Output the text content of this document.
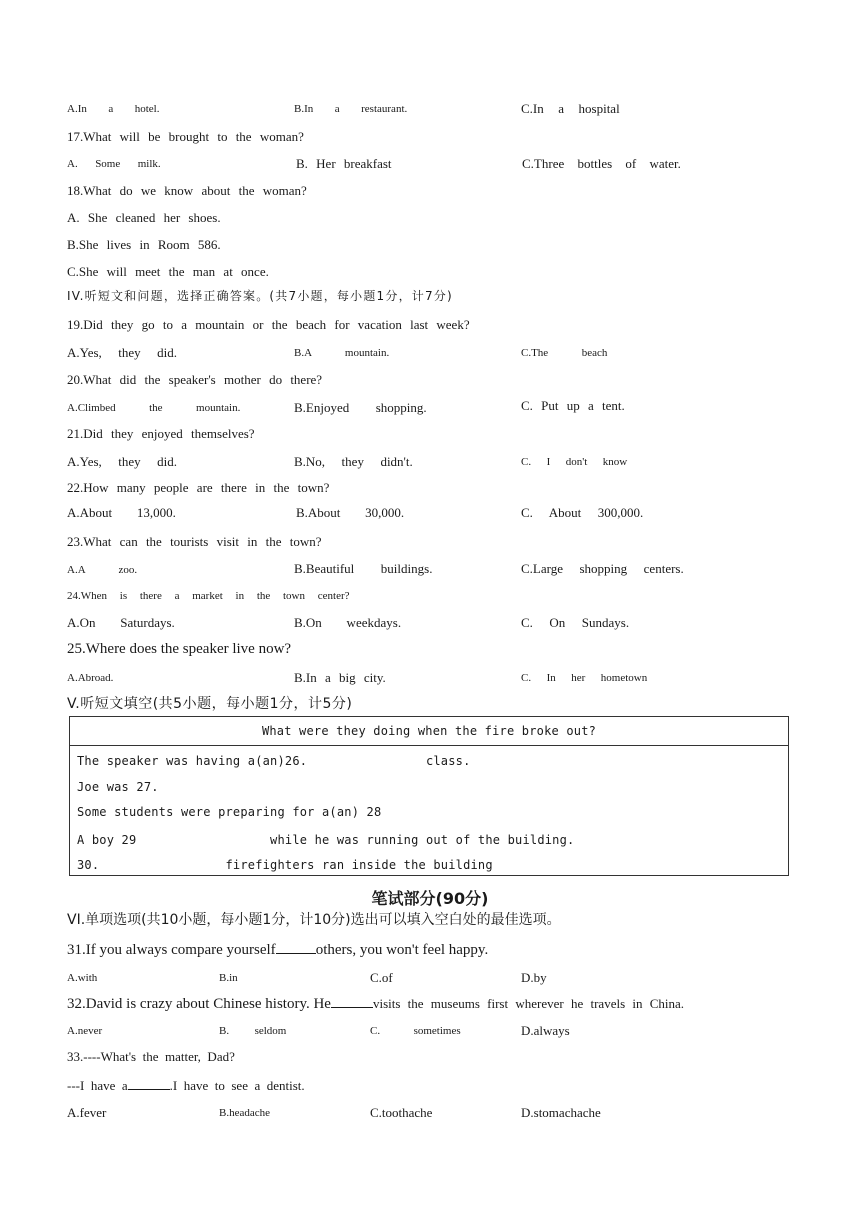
A.In  a  hotel.	B.In  a  restaurant.	C.In  a  hospital
17.What will be brought to the woman?
A.  Some  milk.	B. Her breakfast	C.Three bottles of water.
18.What do we know about the woman?
A. She cleaned her shoes.
B.She lives in Room 586.
C.She will meet the man at once.
IV.听短文和问题，选择正确答案。(共7小题，每小题1分，计7分)
19.Did they go to a mountain or the beach for vacation last week?
A.Yes,  they  did.	B.A  mountain.	C.The  beach
20.What did the speaker's mother do there?
A.Climbed  the  mountain.	B.Enjoyed  shopping.	C. Put up a tent.
21.Did they enjoyed themselves?
A.Yes,  they  did.	B.No,  they  didn't.	C.  I  don't  know
22.How many people are there in the town?
A.About   13,000.	B.About   30,000.	C.  About  300,000.
23.What can the tourists visit in the town?
A.A  zoo.	B.Beautiful  buildings.	C.Large  shopping  centers.
24.When is there a market in the town center?
A.On   Saturdays.	B.On   weekdays.	C.  On  Sundays.
25.Where does the speaker live now?
A.Abroad.	B.In a big city.	C.  In  her  hometown
V.听短文填空(共5小题，每小题1分，计5分)
What were they doing when the fire broke out?
The speaker was having a(an)26.                class.
Joe was 27.
Some students were preparing for a(an) 28
A boy 29                  while he was running out of the building.
30.                 firefighters ran inside the building
笔试部分(90分)
VI.单项选项(共10小题，每小题1分，计10分)选出可以填入空白处的最佳选项。
31.If you always compare yourself	others, you won't feel happy.
A.with	B.in	C.of	D.by
32.David is crazy about Chinese history. He	visits the museums first wherever he travels in China.
A.never	B.  seldom	C.  sometimes	D.always
33.----What's  the  matter,  Dad?
---I  have  a	.I  have  to  see  a  dentist.
A.fever	B.headache	C.toothache	D.stomachache
